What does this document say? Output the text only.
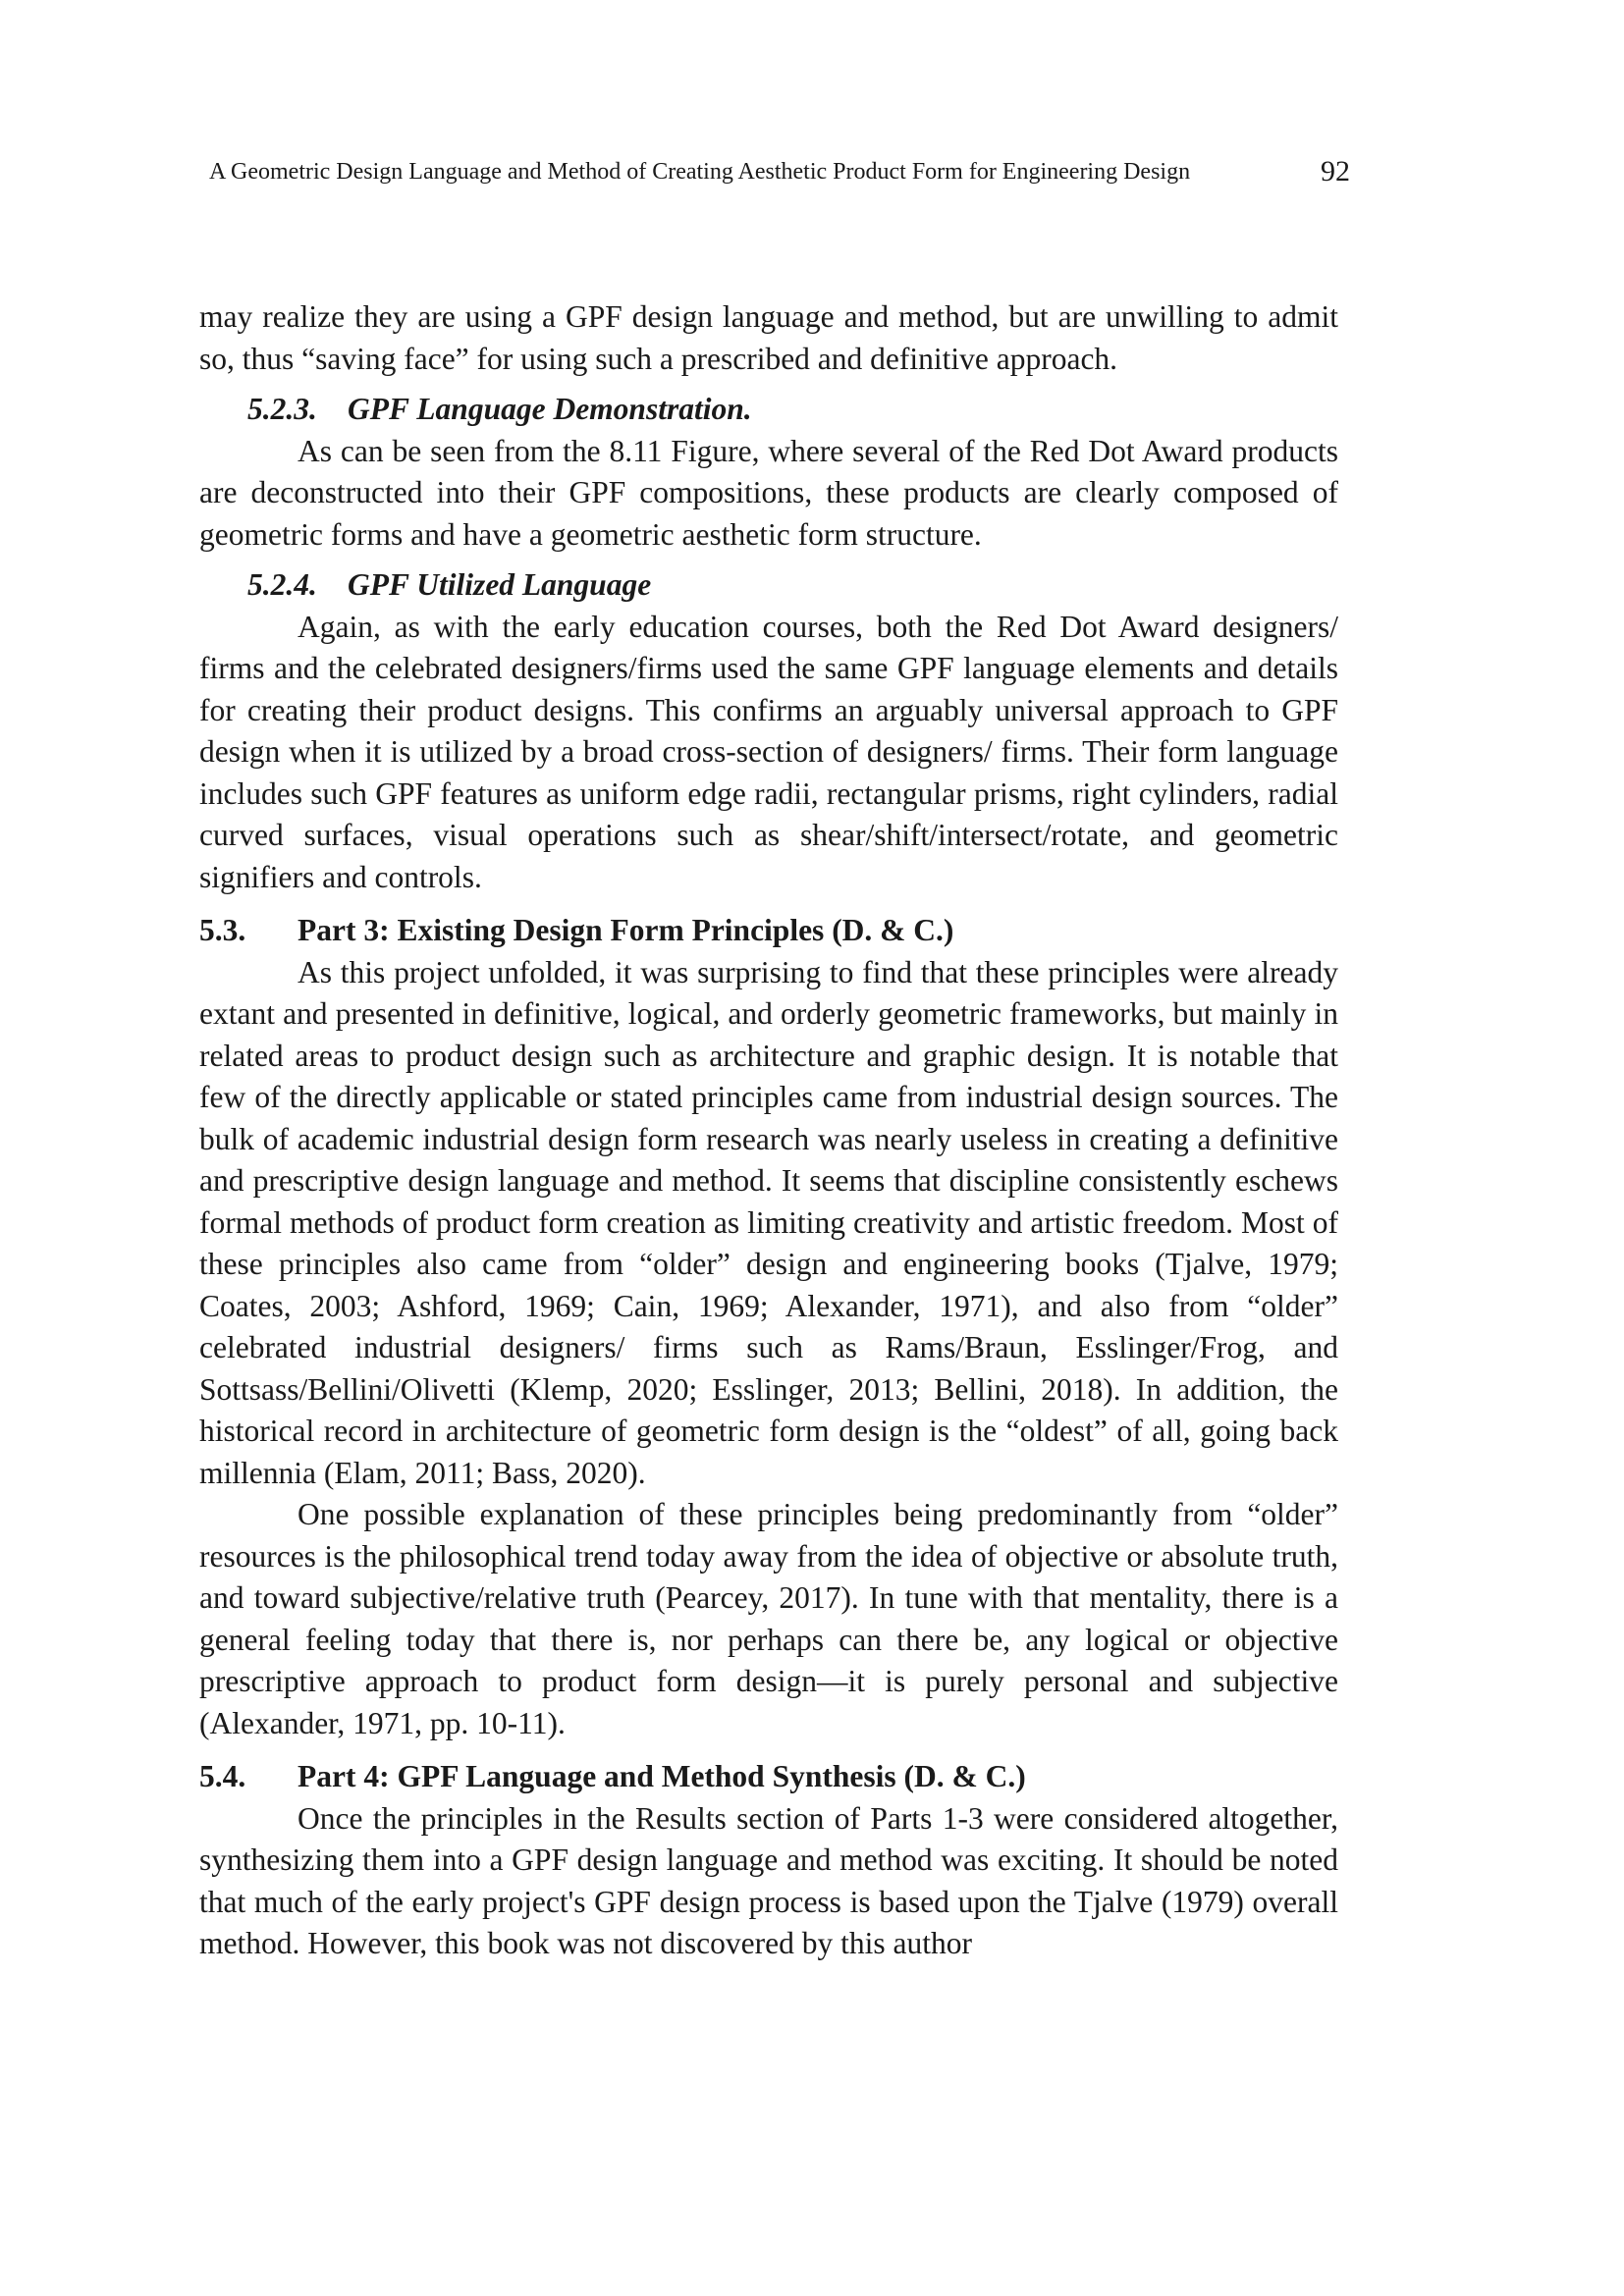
A Geometric Design Language and Method of Creating Aesthetic Product Form for Engineering Design	92

may realize they are using a GPF design language and method, but are unwilling to admit so, thus “saving face” for using such a prescribed and definitive approach.

5.2.3. GPF Language Demonstration.

As can be seen from the 8.11 Figure, where several of the Red Dot Award products are deconstructed into their GPF compositions, these products are clearly composed of geometric forms and have a geometric aesthetic form structure.

5.2.4. GPF Utilized Language

Again, as with the early education courses, both the Red Dot Award designers/ firms and the celebrated designers/firms used the same GPF language elements and details for creating their product designs. This confirms an arguably universal approach to GPF design when it is utilized by a broad cross-section of designers/ firms. Their form language includes such GPF features as uniform edge radii, rectangular prisms, right cylinders, radial curved surfaces, visual operations such as shear/shift/intersect/rotate, and geometric signifiers and controls.

5.3. Part 3: Existing Design Form Principles (D. & C.)

As this project unfolded, it was surprising to find that these principles were already extant and presented in definitive, logical, and orderly geometric frameworks, but mainly in related areas to product design such as architecture and graphic design. It is notable that few of the directly applicable or stated principles came from industrial design sources. The bulk of academic industrial design form research was nearly useless in creating a definitive and prescriptive design language and method. It seems that discipline consistently eschews formal methods of product form creation as limiting creativity and artistic freedom. Most of these principles also came from “older” design and engineering books (Tjalve, 1979; Coates, 2003; Ashford, 1969; Cain, 1969; Alexander, 1971), and also from “older” celebrated industrial designers/ firms such as Rams/Braun, Esslinger/Frog, and Sottsass/Bellini/Olivetti (Klemp, 2020; Esslinger, 2013; Bellini, 2018). In addition, the historical record in architecture of geometric form design is the “oldest” of all, going back millennia (Elam, 2011; Bass, 2020).

One possible explanation of these principles being predominantly from “older” resources is the philosophical trend today away from the idea of objective or absolute truth, and toward subjective/relative truth (Pearcey, 2017). In tune with that mentality, there is a general feeling today that there is, nor perhaps can there be, any logical or objective prescriptive approach to product form design—it is purely personal and subjective (Alexander, 1971, pp. 10-11).

5.4. Part 4: GPF Language and Method Synthesis (D. & C.)

Once the principles in the Results section of Parts 1-3 were considered altogether, synthesizing them into a GPF design language and method was exciting. It should be noted that much of the early project's GPF design process is based upon the Tjalve (1979) overall method. However, this book was not discovered by this author
